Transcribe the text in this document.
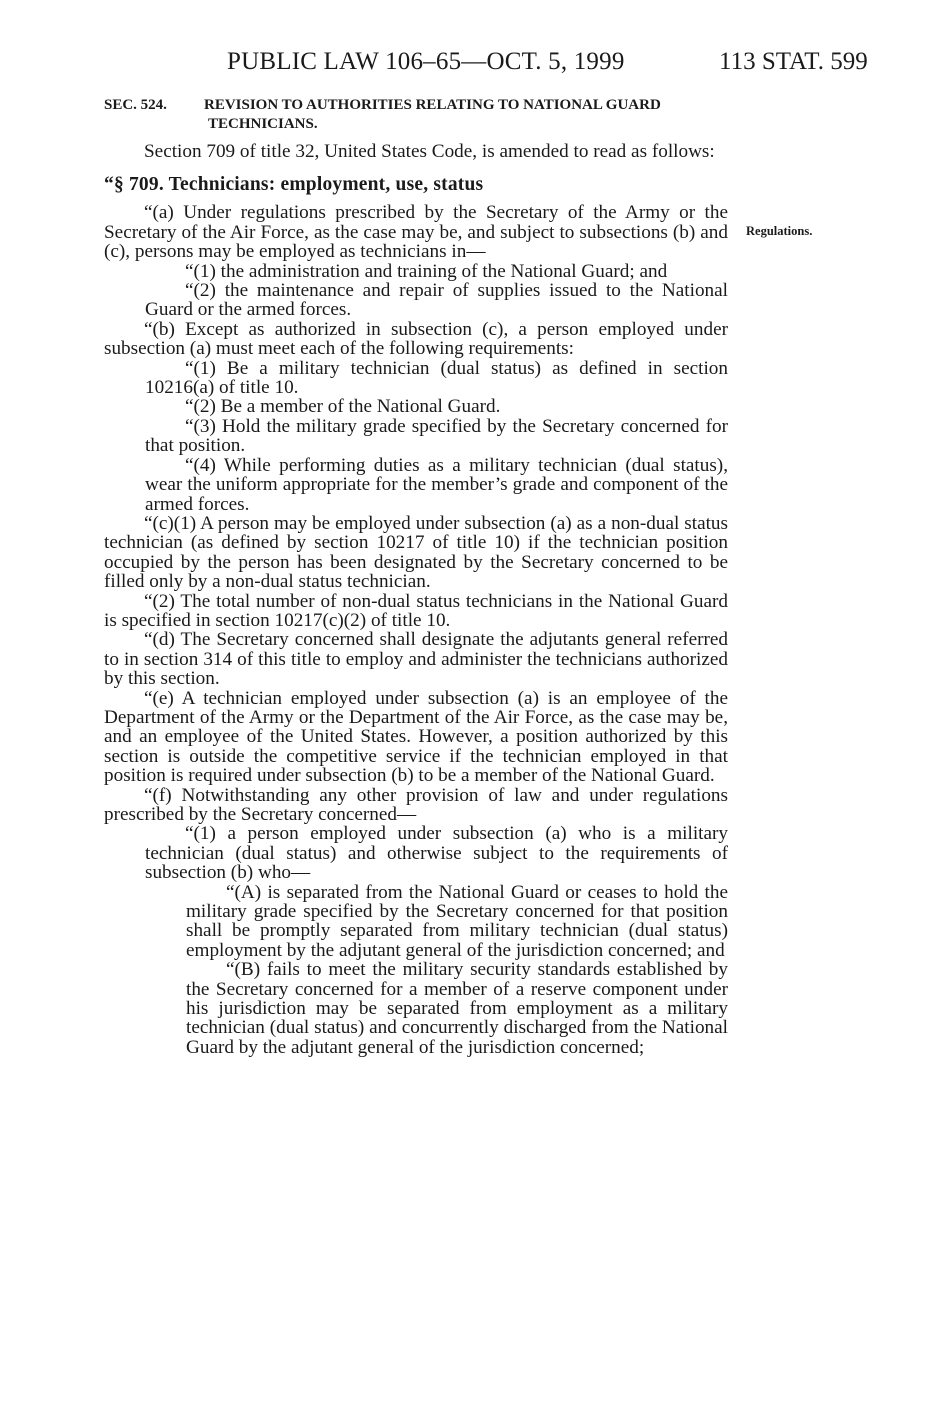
PUBLIC LAW 106–65—OCT. 5, 1999	113 STAT. 599
Regulations.

SEC. 524. REVISION TO AUTHORITIES RELATING TO NATIONAL GUARD TECHNICIANS.

Section 709 of title 32, United States Code, is amended to read as follows:

“§ 709. Technicians: employment, use, status

“(a) Under regulations prescribed by the Secretary of the Army or the Secretary of the Air Force, as the case may be, and subject to subsections (b) and (c), persons may be employed as technicians in—

“(1) the administration and training of the National Guard; and

“(2) the maintenance and repair of supplies issued to the National Guard or the armed forces.

“(b) Except as authorized in subsection (c), a person employed under subsection (a) must meet each of the following requirements:

“(1) Be a military technician (dual status) as defined in section 10216(a) of title 10.

“(2) Be a member of the National Guard.

“(3) Hold the military grade specified by the Secretary concerned for that position.

“(4) While performing duties as a military technician (dual status), wear the uniform appropriate for the member’s grade and component of the armed forces.

“(c)(1) A person may be employed under subsection (a) as a non-dual status technician (as defined by section 10217 of title 10) if the technician position occupied by the person has been designated by the Secretary concerned to be filled only by a non-dual status technician.

“(2) The total number of non-dual status technicians in the National Guard is specified in section 10217(c)(2) of title 10.

“(d) The Secretary concerned shall designate the adjutants general referred to in section 314 of this title to employ and administer the technicians authorized by this section.

“(e) A technician employed under subsection (a) is an employee of the Department of the Army or the Department of the Air Force, as the case may be, and an employee of the United States. However, a position authorized by this section is outside the competitive service if the technician employed in that position is required under subsection (b) to be a member of the National Guard.

“(f) Notwithstanding any other provision of law and under regulations prescribed by the Secretary concerned—

“(1) a person employed under subsection (a) who is a military technician (dual status) and otherwise subject to the requirements of subsection (b) who—

“(A) is separated from the National Guard or ceases to hold the military grade specified by the Secretary concerned for that position shall be promptly separated from military technician (dual status) employment by the adjutant general of the jurisdiction concerned; and

“(B) fails to meet the military security standards established by the Secretary concerned for a member of a reserve component under his jurisdiction may be separated from employment as a military technician (dual status) and concurrently discharged from the National Guard by the adjutant general of the jurisdiction concerned;
